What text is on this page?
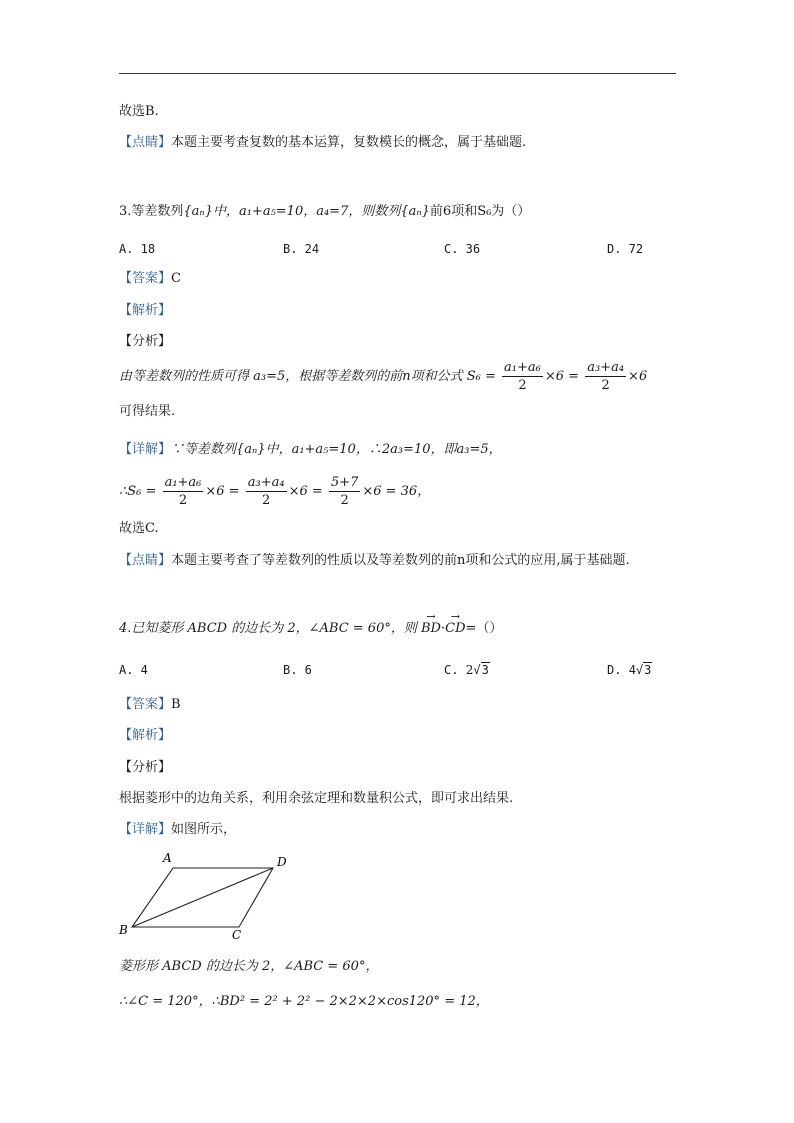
故选B.
【点睛】本题主要考查复数的基本运算，复数模长的概念，属于基础题.
3.等差数列{aₙ}中，a₁+a₅=10，a₄=7，则数列{aₙ}前6项和S₆为（）
A. 18	B. 24	C. 36	D. 72
【答案】C
【解析】
【分析】
由等差数列的性质可得 a₃=5，根据等差数列的前n项和公式 $S_6 = \frac{\text{a₁+a₆}}{2} \times 6 = \frac{\text{a₃+a₄}}{2} \times 6$
可得结果.
【详解】∵等差数列{aₙ}中，a₁+a₅=10，∴2a₃=10，即a₃=5，
∴S₆ = $\frac{\text{a₁+a₆}}{2} \times 6 = \frac{\text{a₃+a₄}}{2} \times 6 = \frac{5+7}{2} \times 6 = 36$，
故选C.
【点睛】本题主要考查了等差数列的性质以及等差数列的前n项和公式的应用,属于基础题.
4.已知菱形 ABCD 的边长为 2，∠ABC = 60°，则 → BD·→ CD=（）
A. 4	B. 6	C. 2√3	D. 4√3
【答案】B
【解析】
【分析】
根据菱形中的边角关系，利用余弦定理和数量积公式，即可求出结果.
【详解】如图所示，
A	D
B	C
菱形形 ABCD 的边长为 2，∠ABC = 60°，
∴∠C = 120°，∴BD² = 2² + 2² − 2×2×2×cos120° = 12，
